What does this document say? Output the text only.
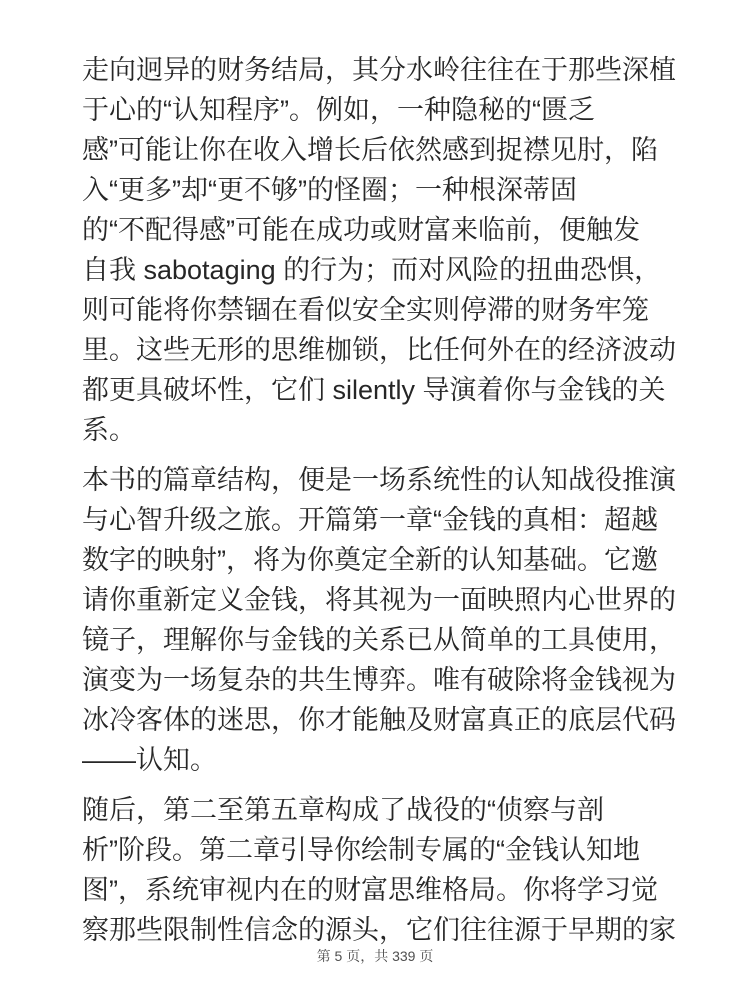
走向迥异的财务结局，其分水岭往往在于那些深植
于心的“认知程序”。例如，一种隐秘的“匮乏
感”可能让你在收入增长后依然感到捉襟见肘，陷
入“更多”却“更不够”的怪圈；一种根深蒂固
的“不配得感”可能在成功或财富来临前，便触发
自我 sabotaging 的行为；而对风险的扭曲恐惧，
则可能将你禁锢在看似安全实则停滞的财务牢笼
里。这些无形的思维枷锁，比任何外在的经济波动
都更具破坏性，它们 silently 导演着你与金钱的关
系。
本书的篇章结构，便是一场系统性的认知战役推演
与心智升级之旅。开篇第一章“金钱的真相：超越
数字的映射”，将为你奠定全新的认知基础。它邀
请你重新定义金钱，将其视为一面映照内心世界的
镜子，理解你与金钱的关系已从简单的工具使用，
演变为一场复杂的共生博弈。唯有破除将金钱视为
冰冷客体的迷思，你才能触及财富真正的底层代码
——认知。
随后，第二至第五章构成了战役的“侦察与剖
析”阶段。第二章引导你绘制专属的“金钱认知地
图”，系统审视内在的财富思维格局。你将学习觉
察那些限制性信念的源头，它们往往源于早期的家
第 5 页，共 339 页
